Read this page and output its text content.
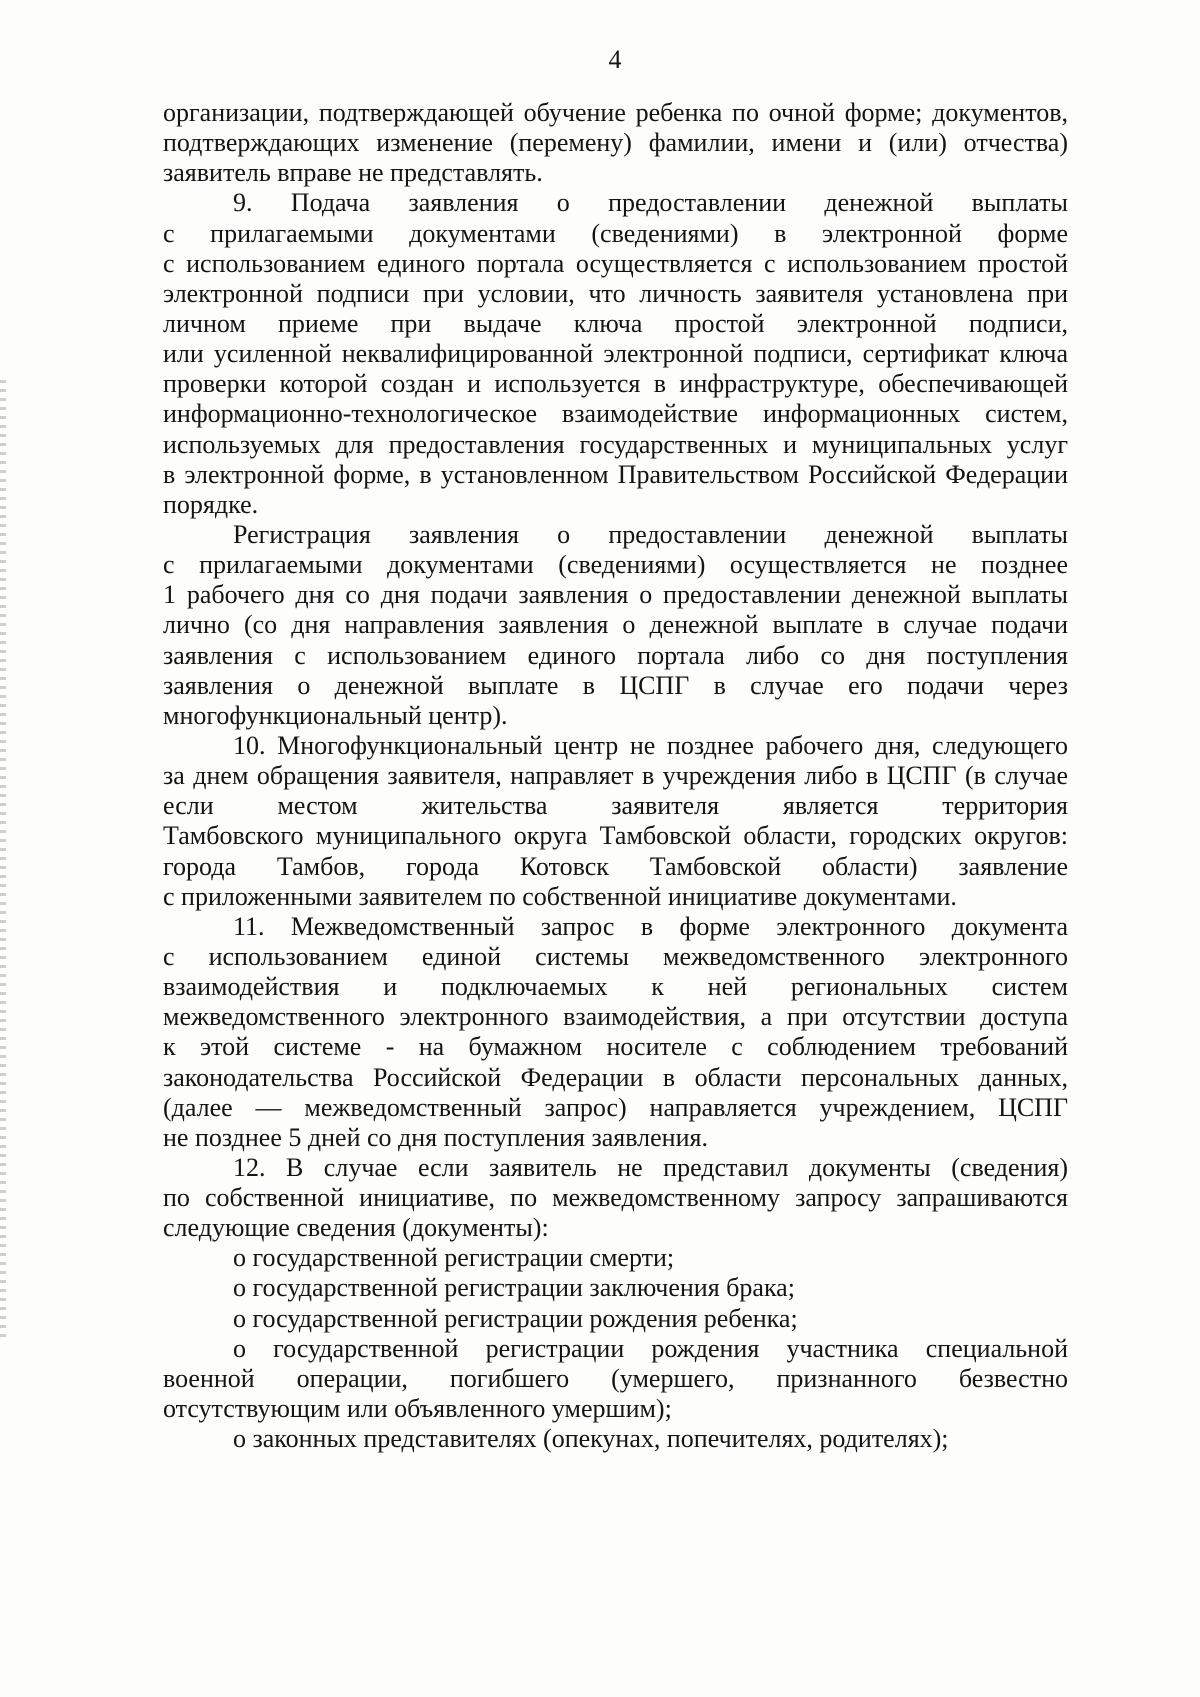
4
организации, подтверждающей обучение ребенка по очной форме; документов,
подтверждающих изменение (перемену) фамилии, имени и (или) отчества)
заявитель вправе не представлять.
9. Подача заявления о предоставлении денежной выплаты
с прилагаемыми документами (сведениями) в электронной форме
с использованием единого портала осуществляется с использованием простой
электронной подписи при условии, что личность заявителя установлена при
личном приеме при выдаче ключа простой электронной подписи,
или усиленной неквалифицированной электронной подписи, сертификат ключа
проверки которой создан и используется в инфраструктуре, обеспечивающей
информационно-технологическое взаимодействие информационных систем,
используемых для предоставления государственных и муниципальных услуг
в электронной форме, в установленном Правительством Российской Федерации
порядке.
Регистрация заявления о предоставлении денежной выплаты
с прилагаемыми документами (сведениями) осуществляется не позднее
1 рабочего дня со дня подачи заявления о предоставлении денежной выплаты
лично (со дня направления заявления о денежной выплате в случае подачи
заявления с использованием единого портала либо со дня поступления
заявления о денежной выплате в ЦСПГ в случае его подачи через
многофункциональный центр).
10. Многофункциональный центр не позднее рабочего дня, следующего
за днем обращения заявителя, направляет в учреждения либо в ЦСПГ (в случае
если местом жительства заявителя является территория
Тамбовского муниципального округа Тамбовской области, городских округов:
города Тамбов, города Котовск Тамбовской области) заявление
с приложенными заявителем по собственной инициативе документами.
11. Межведомственный запрос в форме электронного документа
с использованием единой системы межведомственного электронного
взаимодействия и подключаемых к ней региональных систем
межведомственного электронного взаимодействия, а при отсутствии доступа
к этой системе - на бумажном носителе с соблюдением требований
законодательства Российской Федерации в области персональных данных,
(далее — межведомственный запрос) направляется учреждением, ЦСПГ
не позднее 5 дней со дня поступления заявления.
12. В случае если заявитель не представил документы (сведения)
по собственной инициативе, по межведомственному запросу запрашиваются
следующие сведения (документы):
о государственной регистрации смерти;
о государственной регистрации заключения брака;
о государственной регистрации рождения ребенка;
о государственной регистрации рождения участника специальной
военной операции, погибшего (умершего, признанного безвестно
отсутствующим или объявленного умершим);
о законных представителях (опекунах, попечителях, родителях);
